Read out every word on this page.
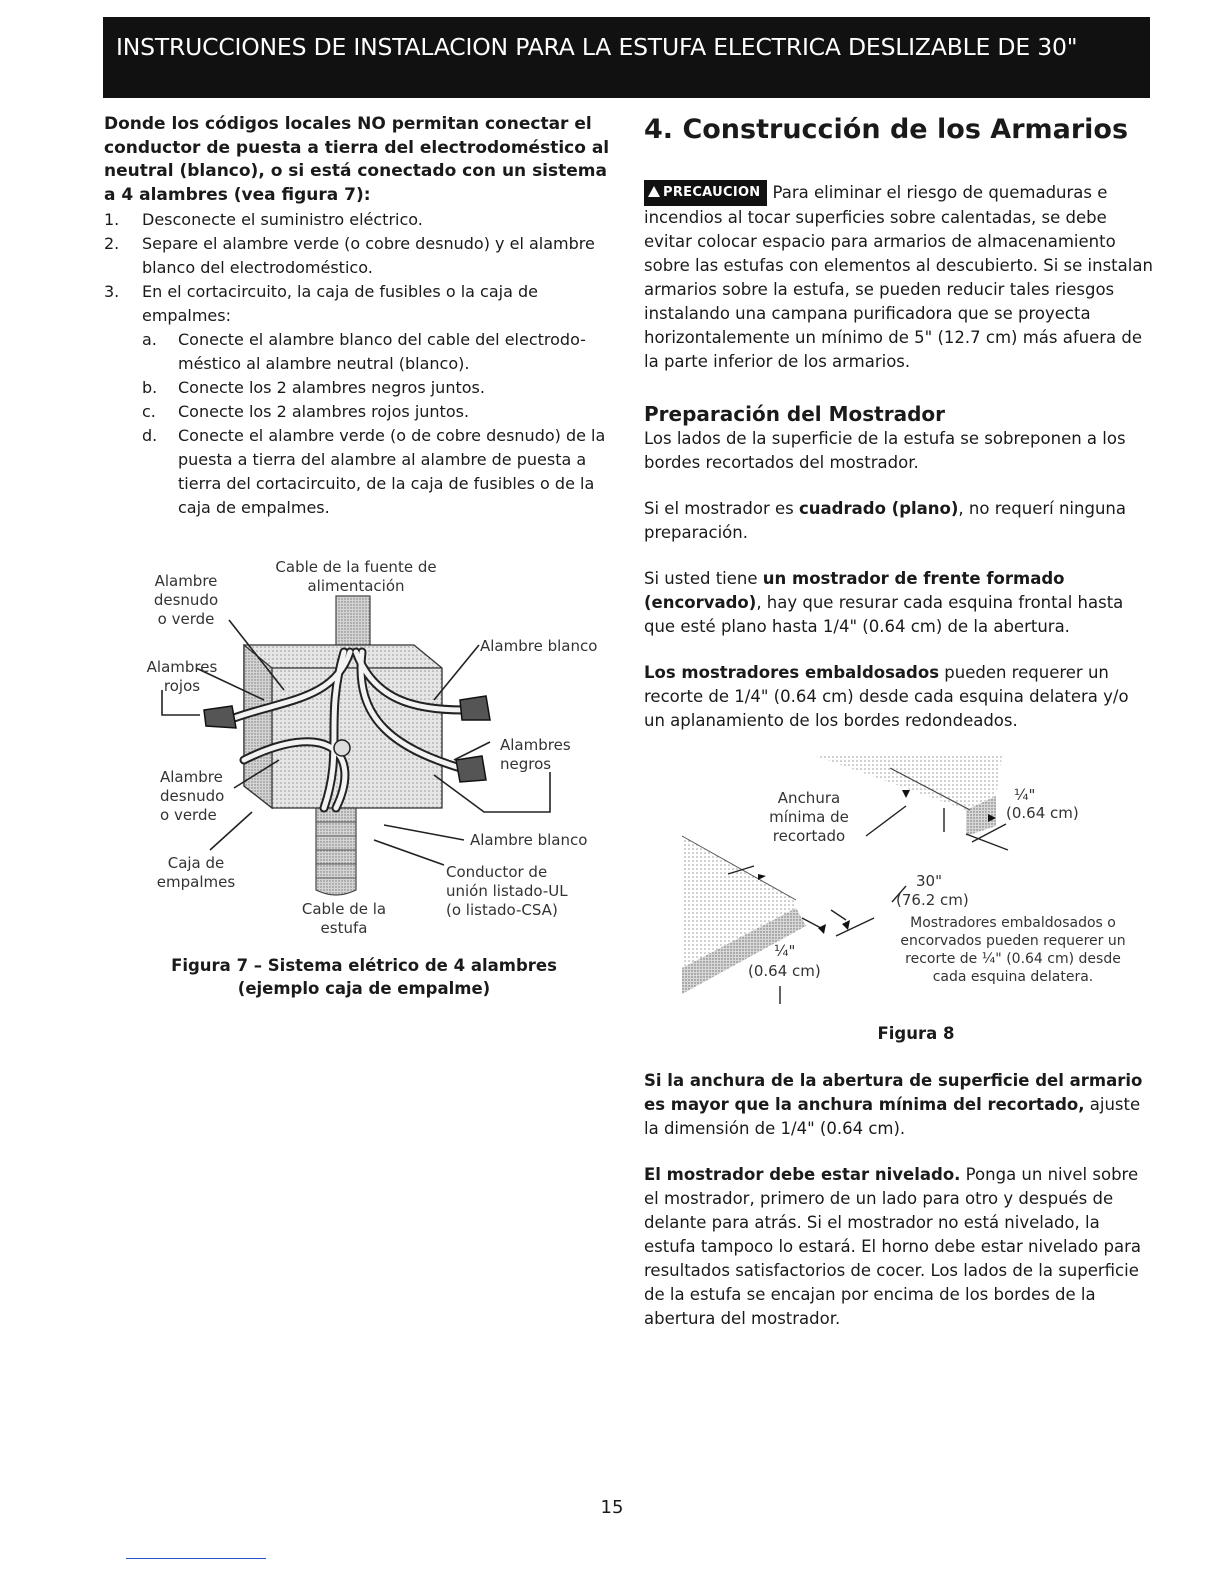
INSTRUCCIONES DE INSTALACION PARA LA ESTUFA ELECTRICA DESLIZABLE DE 30"

Donde los códigos locales NO permitan conectar el conductor de puesta a tierra del electrodoméstico al neutral (blanco), o si está conectado con un sistema a 4 alambres (vea figura 7):

1. Desconecte el suministro eléctrico.
2. Separe el alambre verde (o cobre desnudo) y el alambre blanco del electrodoméstico.
3. En el cortacircuito, la caja de fusibles o la caja de empalmes:
a. Conecte el alambre blanco del cable del electrodo-méstico al alambre neutral (blanco).
b. Conecte los 2 alambres negros juntos.
c. Conecte los 2 alambres rojos juntos.
d. Conecte el alambre verde (o de cobre desnudo) de la puesta a tierra del alambre al alambre de puesta a tierra del cortacircuito, de la caja de fusibles o de la caja de empalmes.
Cable de la fuente de
alimentación
Alambre
desnudo
o verde
Alambres
rojos
Alambre blanco
Alambres
negros
Alambre
desnudo
o verde
Alambre blanco
Caja de
empalmes
Conductor de
unión listado-UL
(o listado-CSA)
Cable de la
estufa
Figura 7 – Sistema elétrico de 4 alambres
(ejemplo caja de empalme)

4. Construcción de los Armarios

PRECAUCION Para eliminar el riesgo de quemaduras e incendios al tocar superficies sobre calentadas, se debe evitar colocar espacio para armarios de almacenamiento sobre las estufas con elementos al descubierto. Si se instalan armarios sobre la estufa, se pueden reducir tales riesgos instalando una campana purificadora que se proyecta horizontalemente un mínimo de 5" (12.7 cm) más afuera de la parte inferior de los armarios.

Preparación del Mostrador

Los lados de la superficie de la estufa se sobreponen a los bordes recortados del mostrador.

Si el mostrador es cuadrado (plano), no requerí ninguna preparación.

Si usted tiene un mostrador de frente formado (encorvado), hay que resurar cada esquina frontal hasta que esté plano hasta 1/4" (0.64 cm) de la abertura.

Los mostradores embaldosados pueden requerer un recorte de 1/4" (0.64 cm) desde cada esquina delatera y/o un aplanamiento de los bordes redondeados.

Anchura
mínima de
recortado
¼"
(0.64 cm)
30"
(76.2 cm)
¼"
(0.64 cm)
Mostradores embaldosados o
encorvados pueden requerer un
recorte de ¼" (0.64 cm) desde
cada esquina delatera.
Figura 8

Si la anchura de la abertura de superficie del armario es mayor que la anchura mínima del recortado, ajuste la dimensión de 1/4" (0.64 cm).

El mostrador debe estar nivelado. Ponga un nivel sobre el mostrador, primero de un lado para otro y después de delante para atrás. Si el mostrador no está nivelado, la estufa tampoco lo estará. El horno debe estar nivelado para resultados satisfactorios de cocer. Los lados de la superficie de la estufa se encajan por encima de los bordes de la abertura del mostrador.

15
